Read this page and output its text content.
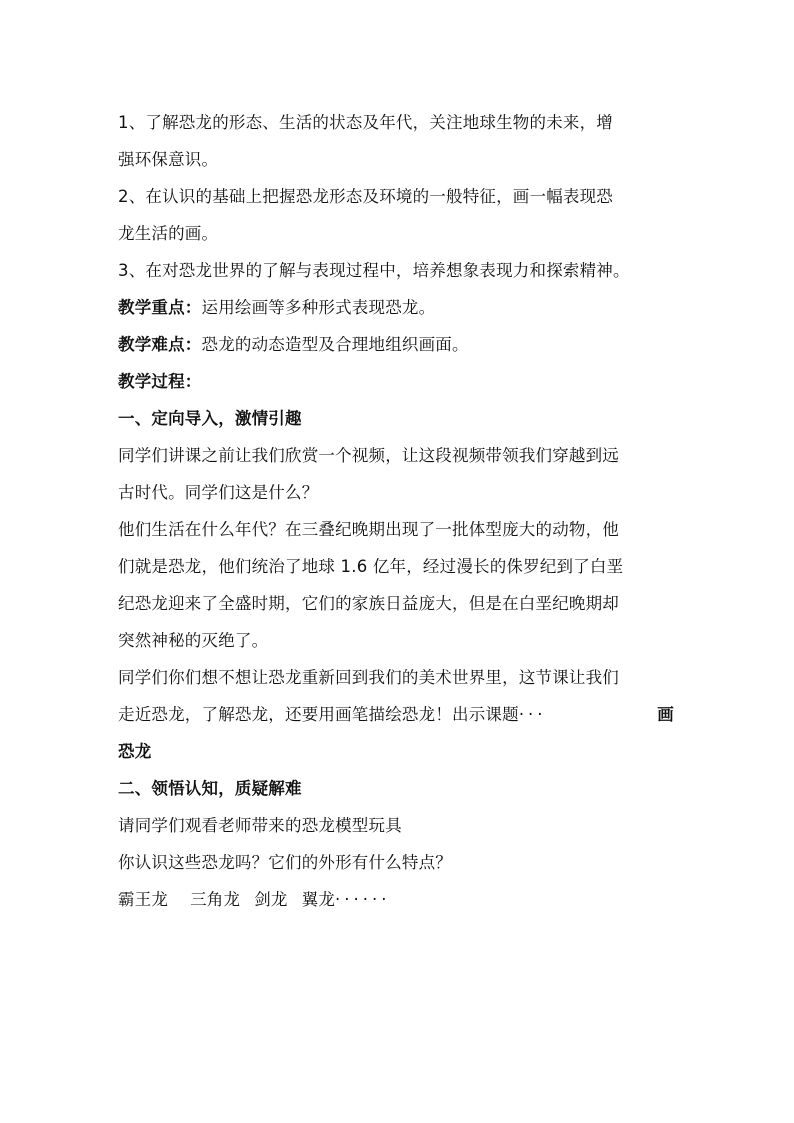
1、了解恐龙的形态、生活的状态及年代，关注地球生物的未来，增
强环保意识。
2、在认识的基础上把握恐龙形态及环境的一般特征，画一幅表现恐
龙生活的画。
3、在对恐龙世界的了解与表现过程中，培养想象表现力和探索精神。
教学重点：运用绘画等多种形式表现恐龙。
教学难点：恐龙的动态造型及合理地组织画面。
教学过程：
一、定向导入，激情引趣
同学们讲课之前让我们欣赏一个视频，让这段视频带领我们穿越到远
古时代。同学们这是什么？
他们生活在什么年代？在三叠纪晚期出现了一批体型庞大的动物，他
们就是恐龙，他们统治了地球 1.6 亿年，经过漫长的侏罗纪到了白垩
纪恐龙迎来了全盛时期，它们的家族日益庞大，但是在白垩纪晚期却
突然神秘的灭绝了。
同学们你们想不想让恐龙重新回到我们的美术世界里，这节课让我们
走近恐龙，了解恐龙，还要用画笔描绘恐龙！出示课题···	画
恐龙
二、领悟认知，质疑解难
请同学们观看老师带来的恐龙模型玩具
你认识这些恐龙吗？它们的外形有什么特点？
霸王龙 三角龙 剑龙 翼龙······
